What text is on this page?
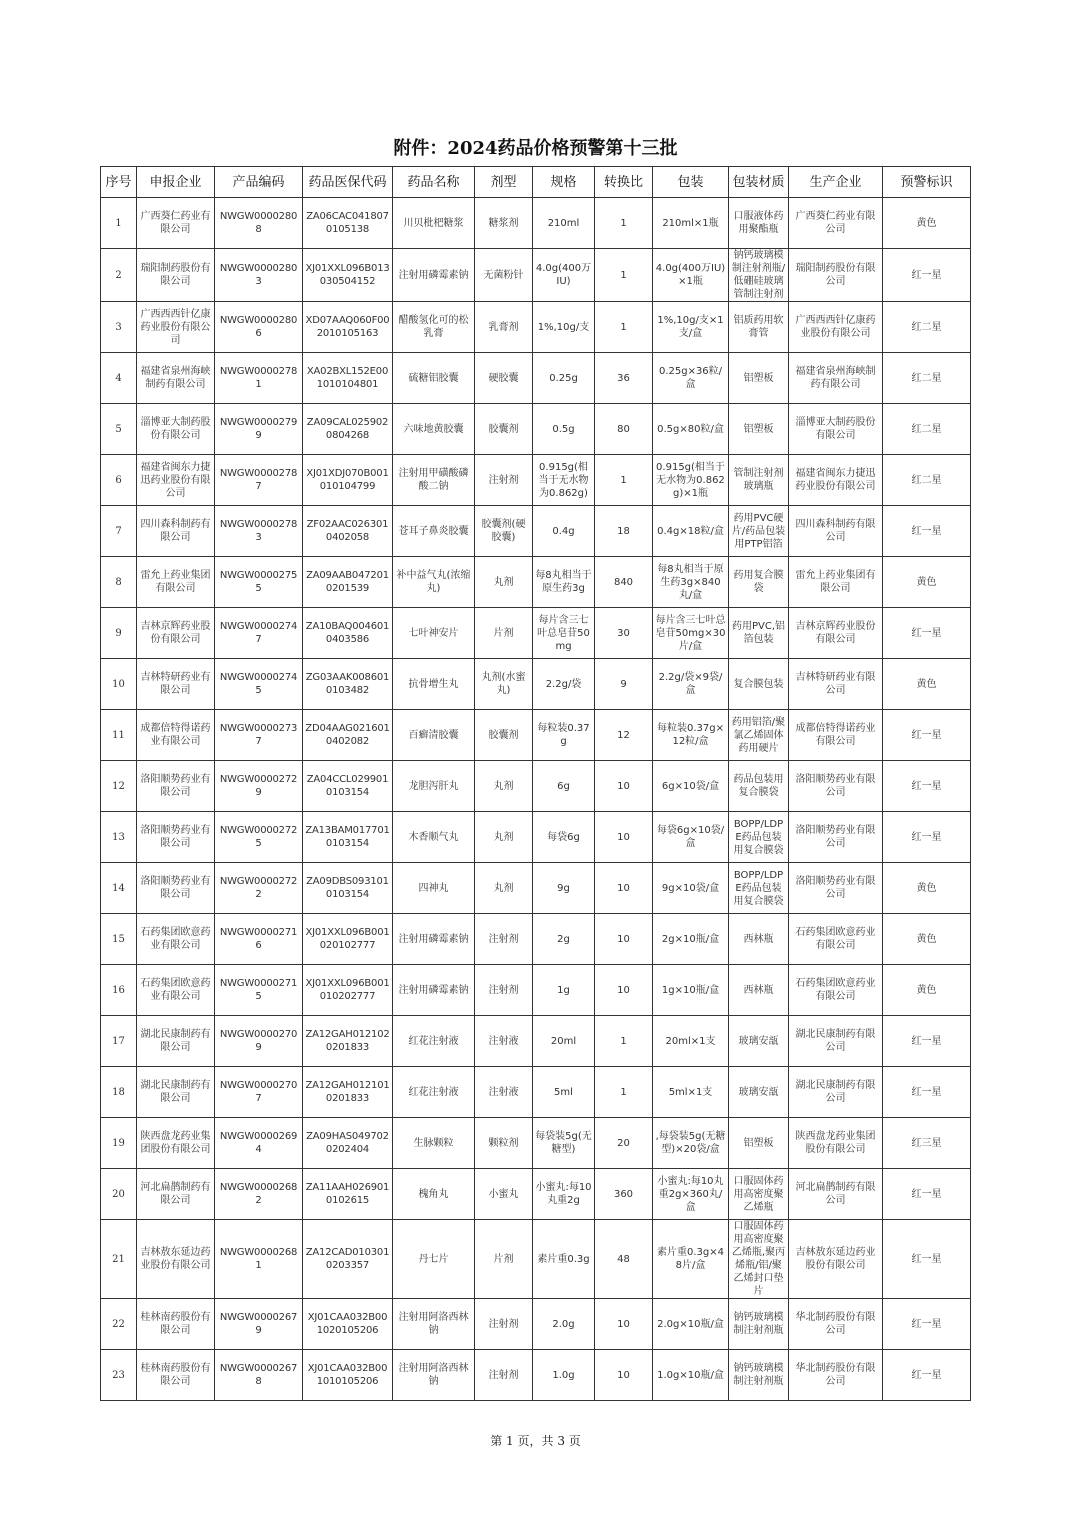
附件：2024药品价格预警第十三批
序号	申报企业	产品编码	药品医保代码	药品名称	剂型	规格	转换比	包装	包装材质	生产企业	预警标识
1	广西葵仁药业有限公司	NWGW00002808	ZA06CAC0418070105138	川贝枇杷糖浆	糖浆剂	210ml	1	210ml×1瓶	口服液体药用聚酯瓶	广西葵仁药业有限公司	黄色
2	瑞阳制药股份有限公司	NWGW00002803	XJ01XXL096B013030504152	注射用磷霉素钠	无菌粉针	4.0g(400万IU)	1	4.0g(400万IU)×1瓶	钠钙玻璃模制注射剂瓶/低硼硅玻璃管制注射剂	瑞阳制药股份有限公司	红一星
3	广西西西针亿康药业股份有限公司	NWGW00002806	XD07AAQ060F002010105163	醋酸氢化可的松乳膏	乳膏剂	1%,10g/支	1	1%,10g/支×1支/盒	铝质药用软膏管	广西西西针亿康药业股份有限公司	红二星
4	福建省泉州海峡制药有限公司	NWGW00002781	XA02BXL152E001010104801	硫糖铝胶囊	硬胶囊	0.25g	36	0.25g×36粒/盒	铝塑板	福建省泉州海峡制药有限公司	红二星
5	淄博亚大制药股份有限公司	NWGW00002799	ZA09CAL0259020804268	六味地黄胶囊	胶囊剂	0.5g	80	0.5g×80粒/盒	铝塑板	淄博亚大制药股份有限公司	红二星
6	福建省闽东力捷迅药业股份有限公司	NWGW00002787	XJ01XDJ070B001010104799	注射用甲磺酸磷酸二钠	注射剂	0.915g(相当于无水物为0.862g)	1	0.915g(相当于无水物为0.862g)×1瓶	管制注射剂玻璃瓶	福建省闽东力捷迅药业股份有限公司	红二星
7	四川森科制药有限公司	NWGW00002783	ZF02AAC0263010402058	苍耳子鼻炎胶囊	胶囊剂(硬胶囊)	0.4g	18	0.4g×18粒/盒	药用PVC硬片/药品包装用PTP铝箔	四川森科制药有限公司	红一星
8	雷允上药业集团有限公司	NWGW00002755	ZA09AAB0472010201539	补中益气丸(浓缩丸)	丸剂	每8丸相当于原生药3g	840	每8丸相当于原生药3g×840丸/盒	药用复合膜袋	雷允上药业集团有限公司	黄色
9	吉林京辉药业股份有限公司	NWGW00002747	ZA10BAQ0046010403586	七叶神安片	片剂	每片含三七叶总皂苷50mg	30	每片含三七叶总皂苷50mg×30片/盒	药用PVC,铝箔包装	吉林京辉药业股份有限公司	红一星
10	吉林特研药业有限公司	NWGW00002745	ZG03AAK0086010103482	抗骨增生丸	丸剂(水蜜丸)	2.2g/袋	9	2.2g/袋×9袋/盒	复合膜包装	吉林特研药业有限公司	黄色
11	成都倍特得诺药业有限公司	NWGW00002737	ZD04AAG0216010402082	百癣清胶囊	胶囊剂	每粒装0.37g	12	每粒装0.37g×12粒/盒	药用铝箔/聚氯乙烯固体药用硬片	成都倍特得诺药业有限公司	红一星
12	洛阳顺势药业有限公司	NWGW00002729	ZA04CCL0299010103154	龙胆泻肝丸	丸剂	6g	10	6g×10袋/盒	药品包装用复合膜袋	洛阳顺势药业有限公司	红一星
13	洛阳顺势药业有限公司	NWGW00002725	ZA13BAM0177010103154	木香顺气丸	丸剂	每袋6g	10	每袋6g×10袋/盒	BOPP/LDPE药品包装用复合膜袋	洛阳顺势药业有限公司	红一星
14	洛阳顺势药业有限公司	NWGW00002722	ZA09DBS0931010103154	四神丸	丸剂	9g	10	9g×10袋/盒	BOPP/LDPE药品包装用复合膜袋	洛阳顺势药业有限公司	黄色
15	石药集团欧意药业有限公司	NWGW00002716	XJ01XXL096B001020102777	注射用磷霉素钠	注射剂	2g	10	2g×10瓶/盒	西林瓶	石药集团欧意药业有限公司	黄色
16	石药集团欧意药业有限公司	NWGW00002715	XJ01XXL096B001010202777	注射用磷霉素钠	注射剂	1g	10	1g×10瓶/盒	西林瓶	石药集团欧意药业有限公司	黄色
17	湖北民康制药有限公司	NWGW00002709	ZA12GAH0121020201833	红花注射液	注射液	20ml	1	20ml×1支	玻璃安瓿	湖北民康制药有限公司	红一星
18	湖北民康制药有限公司	NWGW00002707	ZA12GAH0121010201833	红花注射液	注射液	5ml	1	5ml×1支	玻璃安瓿	湖北民康制药有限公司	红一星
19	陕西盘龙药业集团股份有限公司	NWGW00002694	ZA09HAS0497020202404	生脉颗粒	颗粒剂	每袋装5g(无糖型)	20	,每袋装5g(无糖型)×20袋/盒	铝塑板	陕西盘龙药业集团股份有限公司	红三星
20	河北扁鹊制药有限公司	NWGW00002682	ZA11AAH0269010102615	槐角丸	小蜜丸	小蜜丸:每10丸重2g	360	小蜜丸:每10丸重2g×360丸/盒	口服固体药用高密度聚乙烯瓶	河北扁鹊制药有限公司	红一星
21	吉林敖东延边药业股份有限公司	NWGW00002681	ZA12CAD0103010203357	丹七片	片剂	素片重0.3g	48	素片重0.3g×48片/盒	口服固体药用高密度聚乙烯瓶,聚丙烯瓶/铝/聚乙烯封口垫片	吉林敖东延边药业股份有限公司	红一星
22	桂林南药股份有限公司	NWGW00002679	XJ01CAA032B001020105206	注射用阿洛西林钠	注射剂	2.0g	10	2.0g×10瓶/盒	钠钙玻璃模制注射剂瓶	华北制药股份有限公司	红一星
23	桂林南药股份有限公司	NWGW00002678	XJ01CAA032B001010105206	注射用阿洛西林钠	注射剂	1.0g	10	1.0g×10瓶/盒	钠钙玻璃模制注射剂瓶	华北制药股份有限公司	红一星
第 1 页，共 3 页
